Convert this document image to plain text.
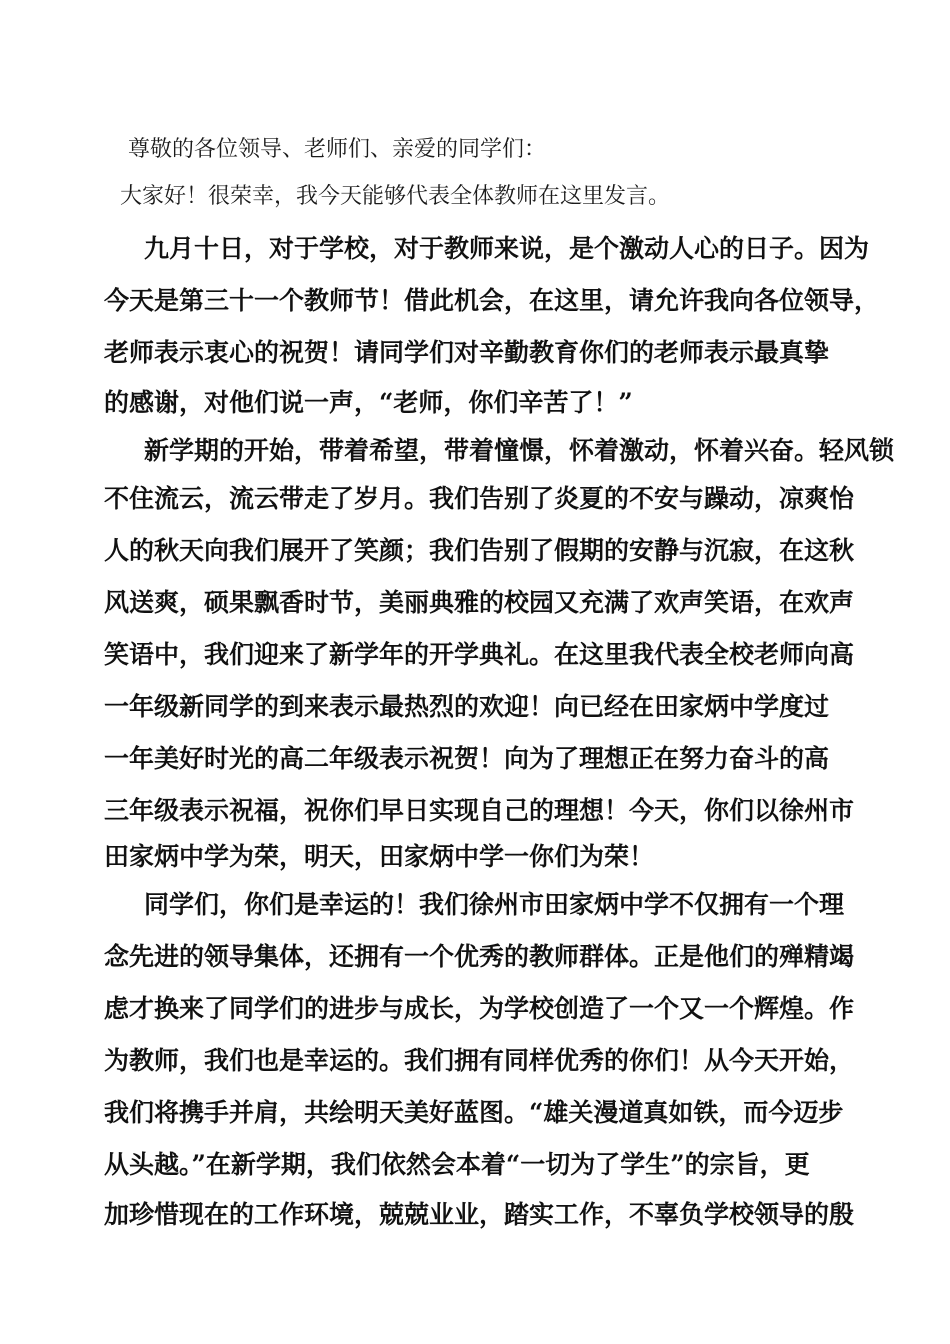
尊敬的各位领导、老师们、亲爱的同学们：
大家好！很荣幸，我今天能够代表全体教师在这里发言。
九月十日，对于学校，对于教师来说，是个激动人心的日子。因为
今天是第三十一个教师节！借此机会，在这里，请允许我向各位领导，
老师表示衷心的祝贺！请同学们对辛勤教育你们的老师表示最真挚
的感谢，对他们说一声，“老师，你们辛苦了！”
新学期的开始，带着希望，带着憧憬，怀着激动，怀着兴奋。轻风锁
不住流云，流云带走了岁月。我们告别了炎夏的不安与躁动，凉爽怡
人的秋天向我们展开了笑颜；我们告别了假期的安静与沉寂，在这秋
风送爽，硕果飘香时节，美丽典雅的校园又充满了欢声笑语，在欢声
笑语中，我们迎来了新学年的开学典礼。在这里我代表全校老师向高
一年级新同学的到来表示最热烈的欢迎！向已经在田家炳中学度过
一年美好时光的高二年级表示祝贺！向为了理想正在努力奋斗的高
三年级表示祝福，祝你们早日实现自己的理想！今天，你们以徐州市
田家炳中学为荣，明天，田家炳中学一你们为荣！
同学们，你们是幸运的！我们徐州市田家炳中学不仅拥有一个理
念先进的领导集体，还拥有一个优秀的教师群体。正是他们的殚精竭
虑才换来了同学们的进步与成长，为学校创造了一个又一个辉煌。作
为教师，我们也是幸运的。我们拥有同样优秀的你们！从今天开始，
我们将携手并肩，共绘明天美好蓝图。“雄关漫道真如铁，而今迈步
从头越。”在新学期，我们依然会本着“一切为了学生”的宗旨，更
加珍惜现在的工作环境，兢兢业业，踏实工作，不辜负学校领导的殷
